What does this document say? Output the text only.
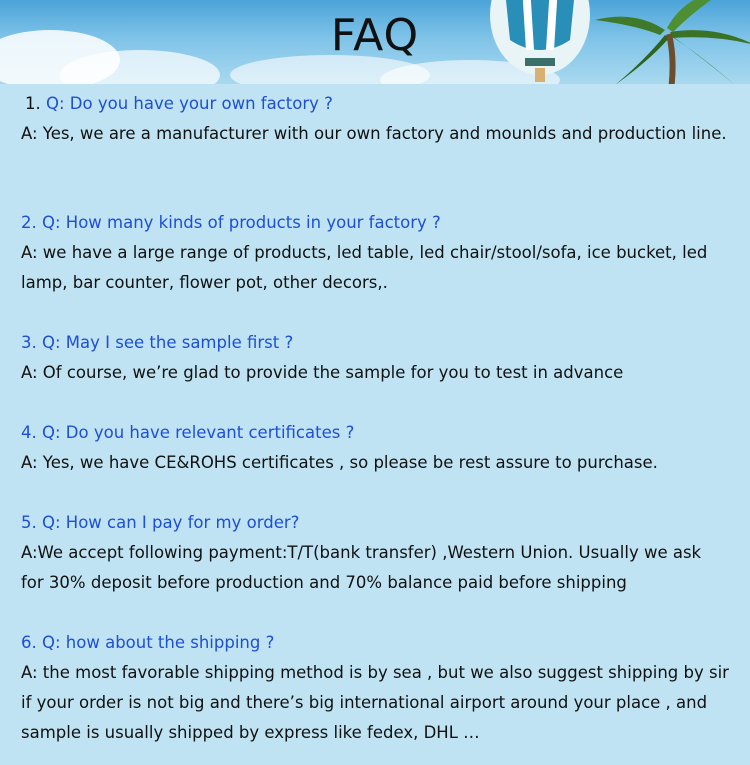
FAQ
1. Q: Do you have your own factory ?
A: Yes, we are a manufacturer with our own factory and mounlds and production line.
2. Q: How many kinds of products in your factory ?
A: we have a large range of products, led table, led chair/stool/sofa, ice bucket, led lamp, bar counter, flower pot, other decors,.
3. Q: May I see the sample first ?
A: Of course, we’re glad to provide the sample for you to test in advance
4. Q: Do you have relevant certificates ?
A: Yes, we have CE&ROHS certificates , so please be rest assure to purchase.
5. Q: How can I pay for my order?
A:We accept following payment:T/T(bank transfer) ,Western Union. Usually we ask for 30% deposit before production and 70% balance paid before shipping
6. Q: how about the shipping ?
A: the most favorable shipping method is by sea , but we also suggest shipping by sir if your order is not big and there’s big international airport around your place , and sample is usually shipped by express like fedex, DHL …
